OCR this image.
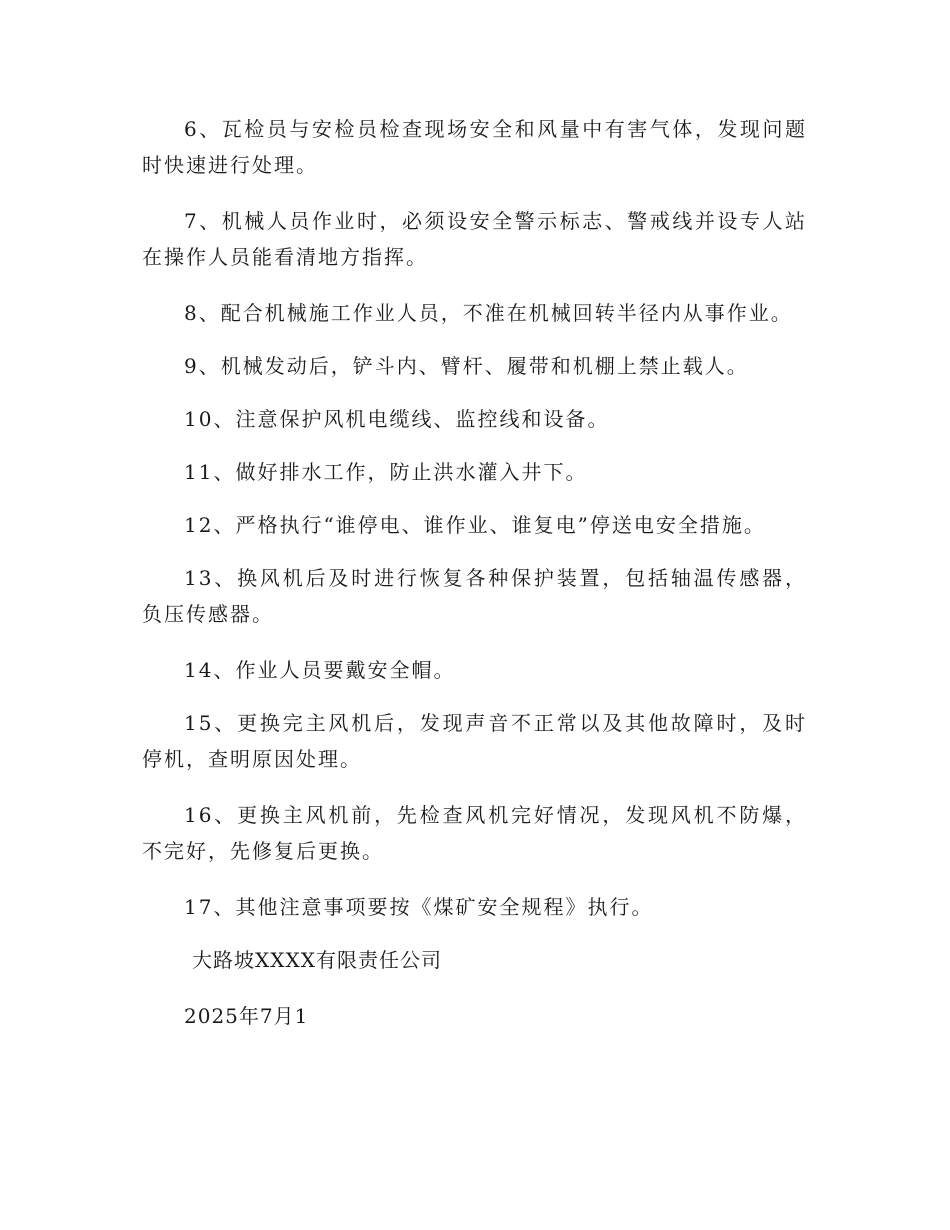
6、瓦检员与安检员检查现场安全和风量中有害气体，发现问题时快速进行处理。

7、机械人员作业时，必须设安全警示标志、警戒线并设专人站在操作人员能看清地方指挥。

8、配合机械施工作业人员，不准在机械回转半径内从事作业。

9、机械发动后，铲斗内、臂杆、履带和机棚上禁止载人。

10、注意保护风机电缆线、监控线和设备。

11、做好排水工作，防止洪水灌入井下。

12、严格执行“谁停电、谁作业、谁复电”停送电安全措施。

13、换风机后及时进行恢复各种保护装置，包括轴温传感器，负压传感器。

14、作业人员要戴安全帽。

15、更换完主风机后，发现声音不正常以及其他故障时，及时停机，查明原因处理。

16、更换主风机前，先检查风机完好情况，发现风机不防爆，不完好，先修复后更换。

17、其他注意事项要按《煤矿安全规程》执行。

大路坡XXXX有限责任公司

2025年7月1
